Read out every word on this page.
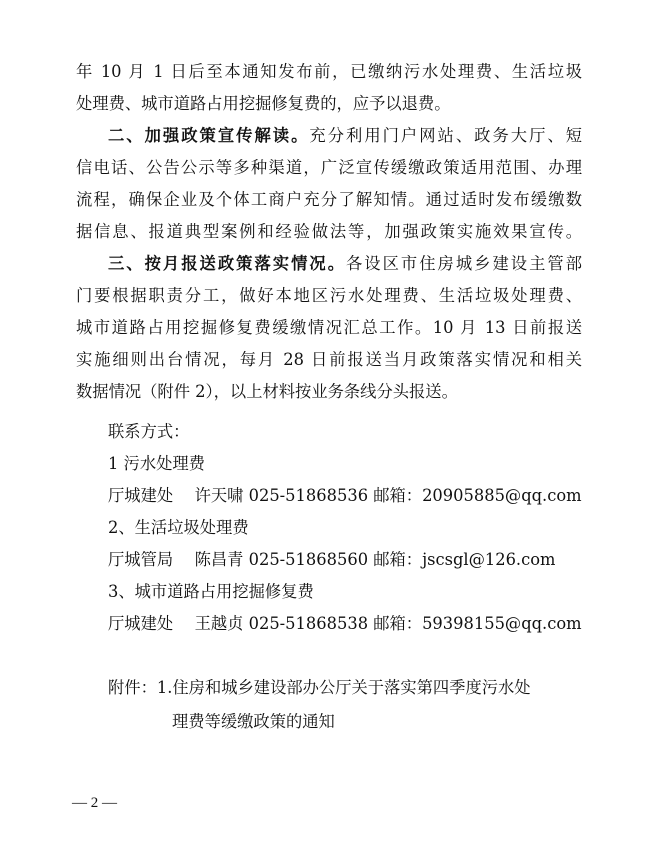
年 10 月 1 日后至本通知发布前，已缴纳污水处理费、生活垃圾
处理费、城市道路占用挖掘修复费的，应予以退费。
二、加强政策宣传解读。充分利用门户网站、政务大厅、短
信电话、公告公示等多种渠道，广泛宣传缓缴政策适用范围、办理
流程，确保企业及个体工商户充分了解知情。通过适时发布缓缴数
据信息、报道典型案例和经验做法等，加强政策实施效果宣传。
三、按月报送政策落实情况。各设区市住房城乡建设主管部
门要根据职责分工，做好本地区污水处理费、生活垃圾处理费、
城市道路占用挖掘修复费缓缴情况汇总工作。10 月 13 日前报送
实施细则出台情况，每月 28 日前报送当月政策落实情况和相关
数据情况（附件 2），以上材料按业务条线分头报送。
联系方式：
1 污水处理费
厅城建处　 许天啸 025-51868536 邮箱：20905885@qq.com
2、生活垃圾处理费
厅城管局　 陈昌青 025-51868560 邮箱：jscsgl@126.com
3、城市道路占用挖掘修复费
厅城建处　 王越贞 025-51868538 邮箱：59398155@qq.com
附件：1.住房和城乡建设部办公厅关于落实第四季度污水处
理费等缓缴政策的通知
— 2 —
